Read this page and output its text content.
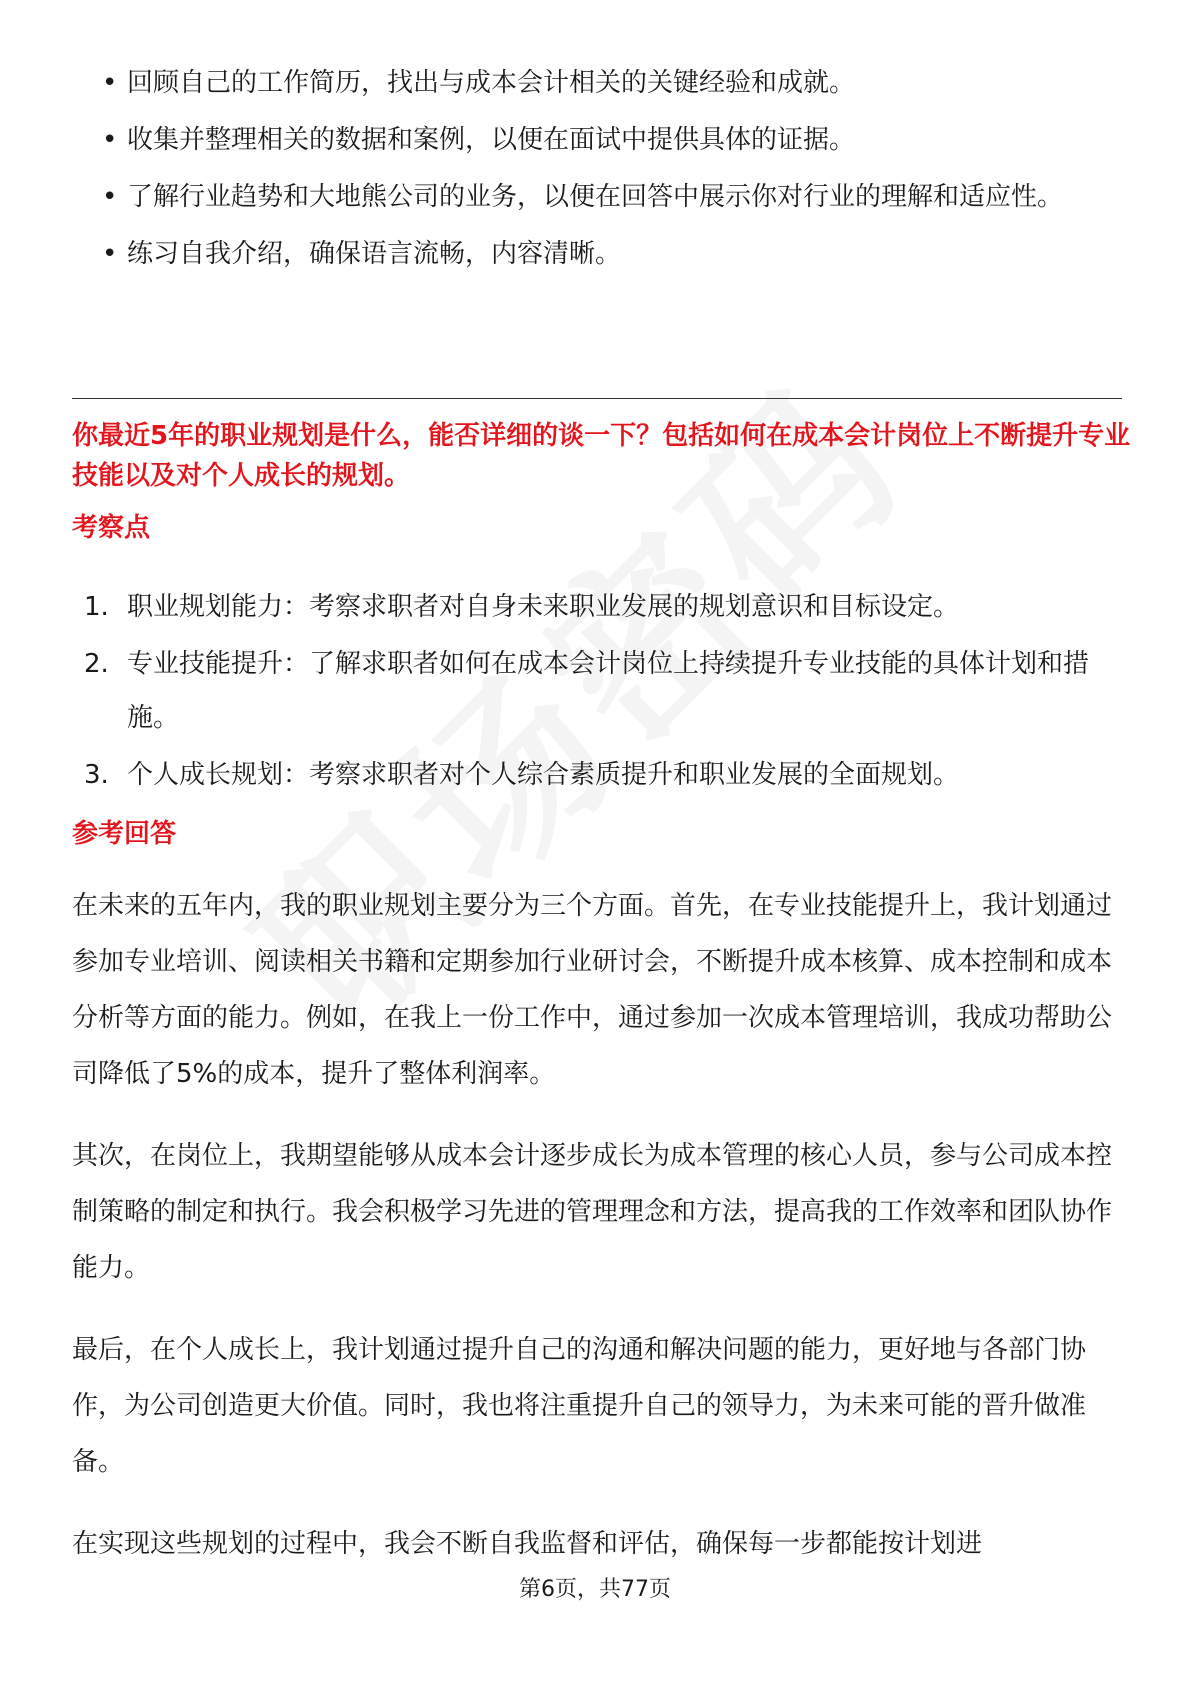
• 回顾自己的工作简历，找出与成本会计相关的关键经验和成就。
• 收集并整理相关的数据和案例，以便在面试中提供具体的证据。
• 了解行业趋势和大地熊公司的业务，以便在回答中展示你对行业的理解和适应性。
• 练习自我介绍，确保语言流畅，内容清晰。
你最近5年的职业规划是什么，能否详细的谈一下？包括如何在成本会计岗位上不断提升专业技能以及对个人成长的规划。
考察点
1. 职业规划能力：考察求职者对自身未来职业发展的规划意识和目标设定。
2. 专业技能提升：了解求职者如何在成本会计岗位上持续提升专业技能的具体计划和措施。
3. 个人成长规划：考察求职者对个人综合素质提升和职业发展的全面规划。
参考回答
在未来的五年内，我的职业规划主要分为三个方面。首先，在专业技能提升上，我计划通过参加专业培训、阅读相关书籍和定期参加行业研讨会，不断提升成本核算、成本控制和成本分析等方面的能力。例如，在我上一份工作中，通过参加一次成本管理培训，我成功帮助公司降低了5%的成本，提升了整体利润率。
其次，在岗位上，我期望能够从成本会计逐步成长为成本管理的核心人员，参与公司成本控制策略的制定和执行。我会积极学习先进的管理理念和方法，提高我的工作效率和团队协作能力。
最后，在个人成长上，我计划通过提升自己的沟通和解决问题的能力，更好地与各部门协作，为公司创造更大价值。同时，我也将注重提升自己的领导力，为未来可能的晋升做准备。
在实现这些规划的过程中，我会不断自我监督和评估，确保每一步都能按计划进
第6页，共77页
